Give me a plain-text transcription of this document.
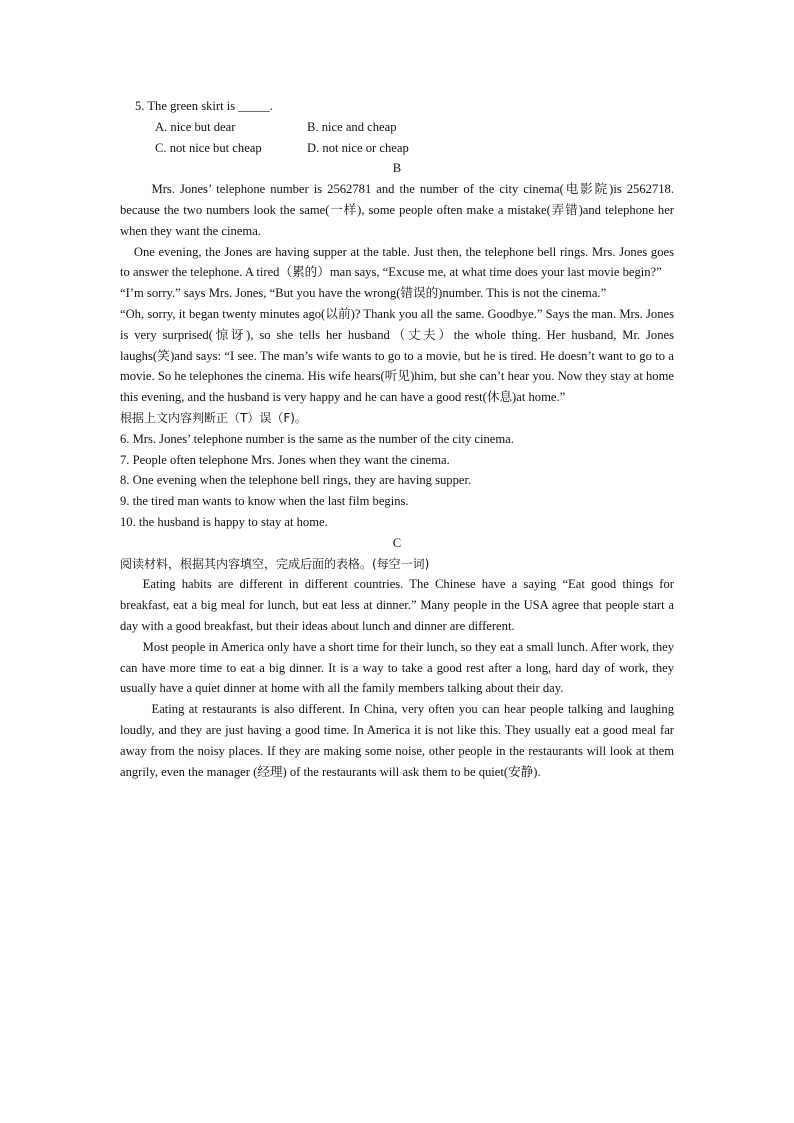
5. The green skirt is _____.
A. nice but dear	B. nice and cheap
C. not nice but cheap	D. not nice or cheap
B

Mrs. Jones’ telephone number is 2562781 and the number of the city cinema(电影院)is 2562718. because the two numbers look the same(一样), some people often make a mistake(弄错)and telephone her when they want the cinema.

One evening, the Jones are having supper at the table. Just then, the telephone bell rings. Mrs. Jones goes to answer the telephone. A tired（累的）man says, “Excuse me, at what time does your last movie begin?”

“I’m sorry.” says Mrs. Jones, “But you have the wrong(错误的)number. This is not the cinema.”

“Oh, sorry, it began twenty minutes ago(以前)? Thank you all the same. Goodbye.” Says the man. Mrs. Jones is very surprised(惊讶), so she tells her husband（丈夫）the whole thing. Her husband, Mr. Jones laughs(笑)and says: “I see. The man’s wife wants to go to a movie, but he is tired. He doesn’t want to go to a movie. So he telephones the cinema. His wife hears(听见)him, but she can’t hear you. Now they stay at home this evening, and the husband is very happy and he can have a good rest(休息)at home.”

根据上文内容判断正（T）误（F)。
6. Mrs. Jones’ telephone number is the same as the number of the city cinema.
7. People often telephone Mrs. Jones when they want the cinema.
8. One evening when the telephone bell rings, they are having supper.
9. the tired man wants to know when the last film begins.
10. the husband is happy to stay at home.
C
阅读材料，根据其内容填空，完成后面的表格。(每空一词)

Eating habits are different in different countries. The Chinese have a saying “Eat good things for breakfast, eat a big meal for lunch, but eat less at dinner.” Many people in the USA agree that people start a day with a good breakfast, but their ideas about lunch and dinner are different.

Most people in America only have a short time for their lunch, so they eat a small lunch. After work, they can have more time to eat a big dinner. It is a way to take a good rest after a long, hard day of work, they usually have a quiet dinner at home with all the family members talking about their day.

Eating at restaurants is also different. In China, very often you can hear people talking and laughing loudly, and they are just having a good time. In America it is not like this. They usually eat a good meal far away from the noisy places. If they are making some noise, other people in the restaurants will look at them angrily, even the manager (经理) of the restaurants will ask them to be quiet(安静).
